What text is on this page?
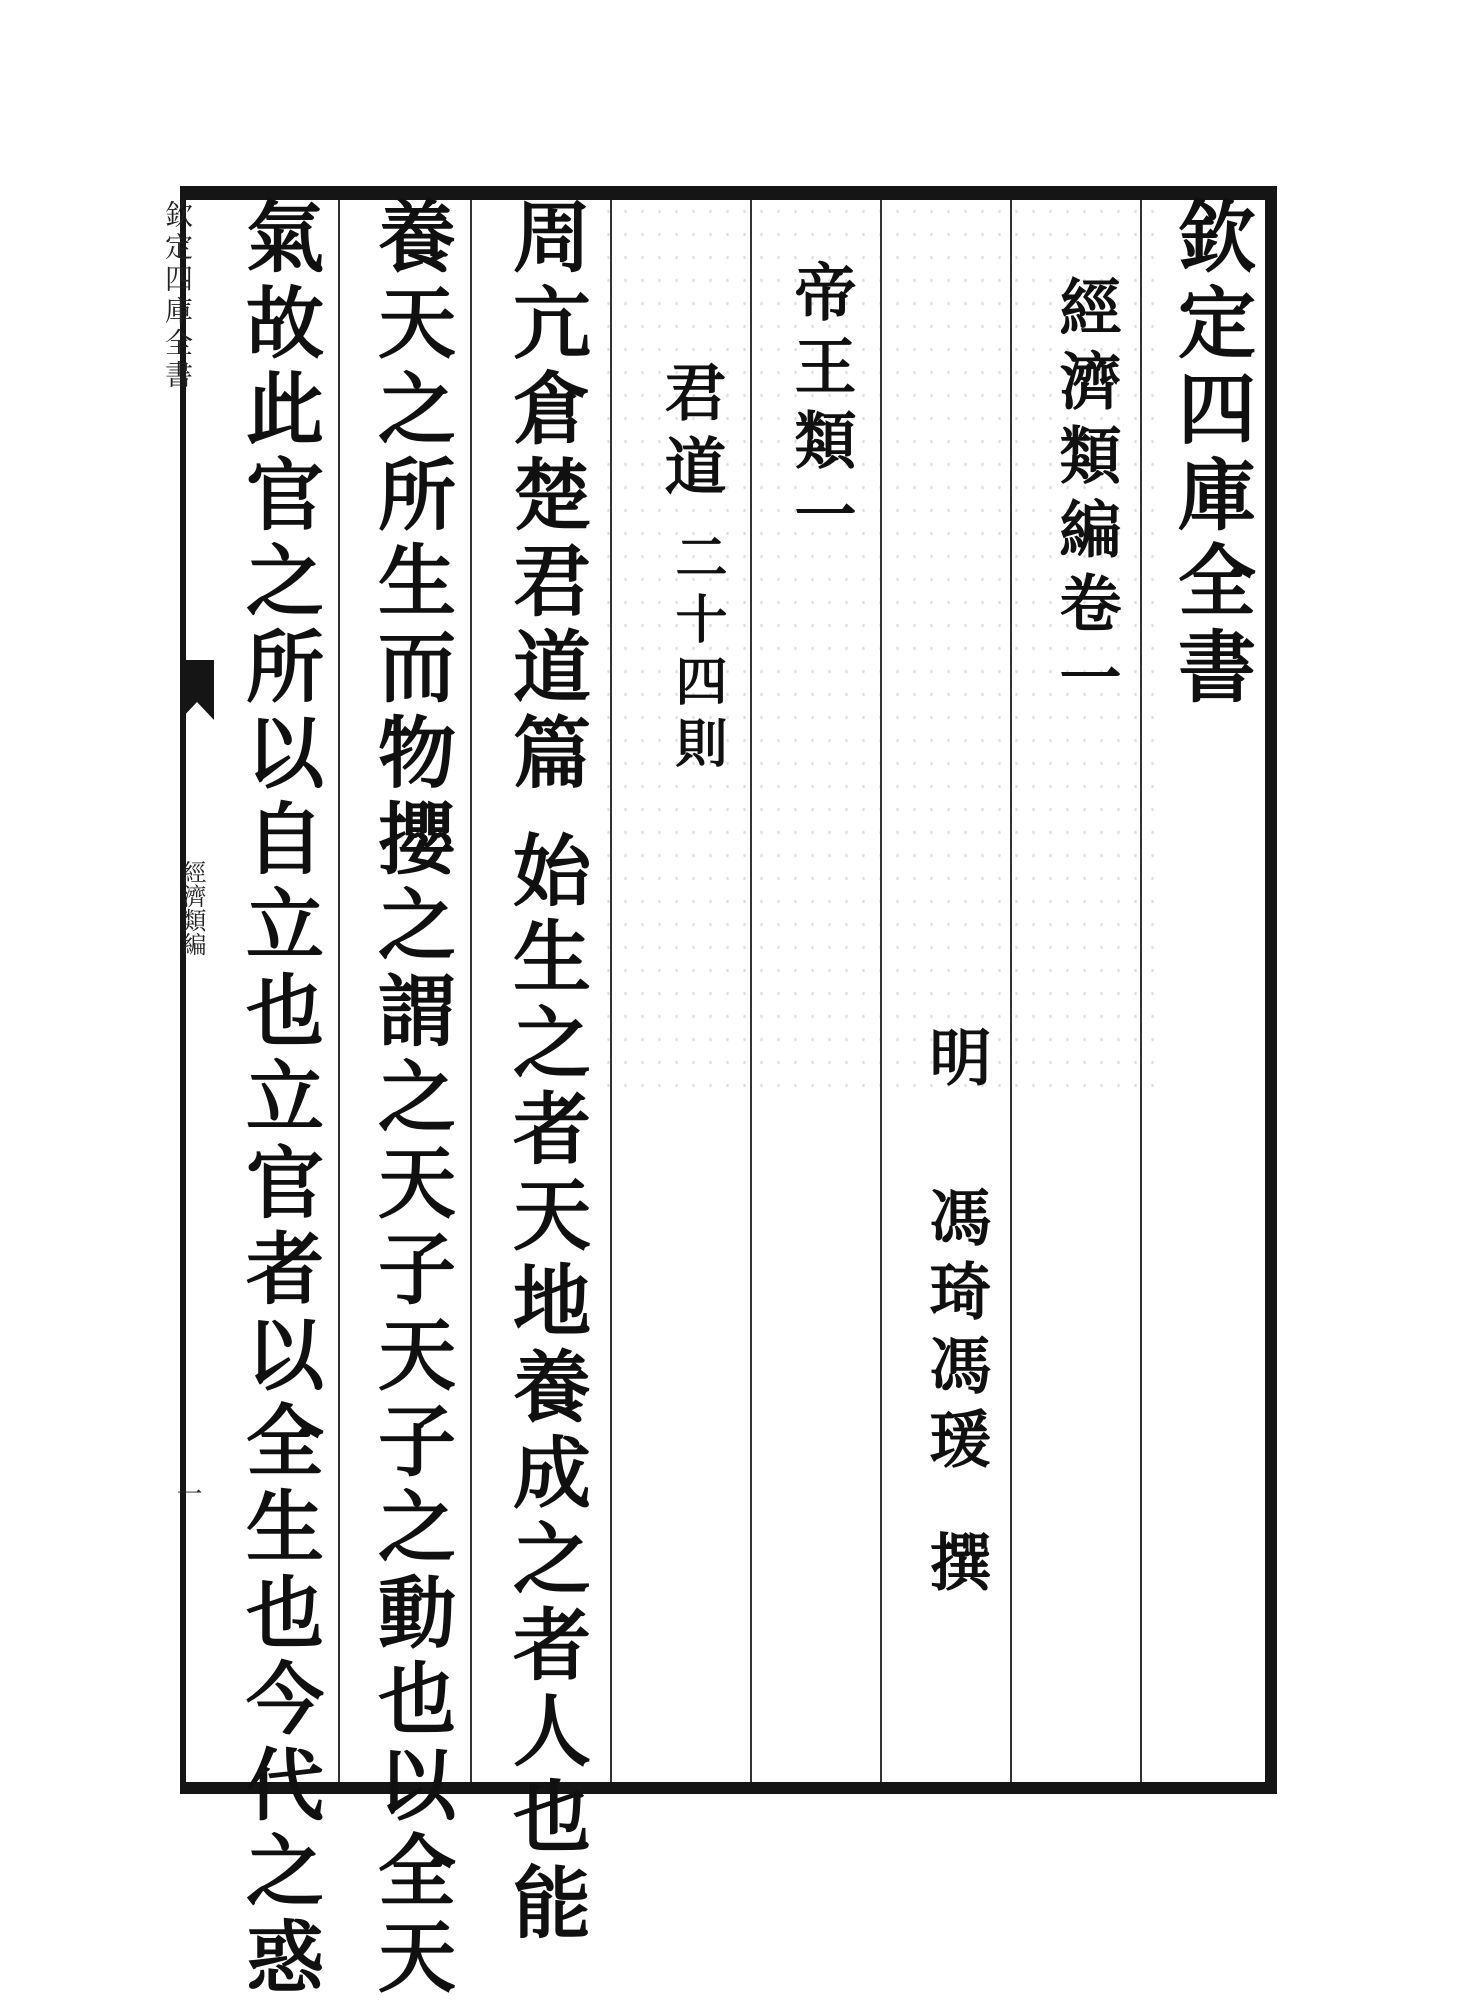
欽定四庫全書
經濟類編
一
欽定四庫全書
經濟類編卷一
明
馮琦馮瑗
撰
帝王類一
君道
二十四則
周亢倉楚君道篇
始生之者天地養成之者人也能
養天之所生而物攖之謂之天子天子之動也以全天
氣故此官之所以自立也立官者以全生也今代之惑
